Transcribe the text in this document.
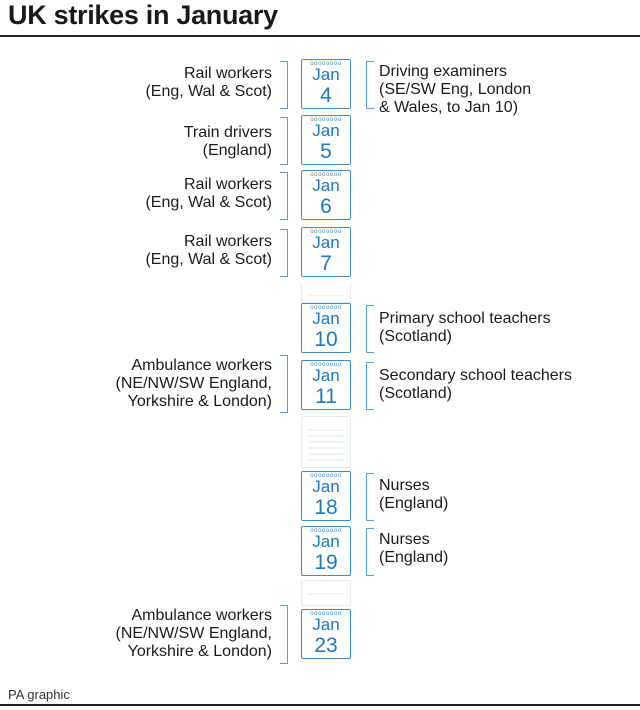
UK strikes in January
oooooooo
Jan
4
Rail workers
(Eng, Wal & Scot)
Driving examiners
(SE/SW Eng, London
& Wales, to Jan 10)
oooooooo
Jan
5
Train drivers
(England)
oooooooo
Jan
6
Rail workers
(Eng, Wal & Scot)
oooooooo
Jan
7
Rail workers
(Eng, Wal & Scot)
oooooooo
Jan
10
Primary school teachers
(Scotland)
oooooooo
Jan
11
Ambulance workers
(NE/NW/SW England,
Yorkshire & London)
Secondary school teachers
(Scotland)
oooooooo
Jan
18
Nurses
(England)
oooooooo
Jan
19
Nurses
(England)
oooooooo
Jan
23
Ambulance workers
(NE/NW/SW England,
Yorkshire & London)
PA graphic
